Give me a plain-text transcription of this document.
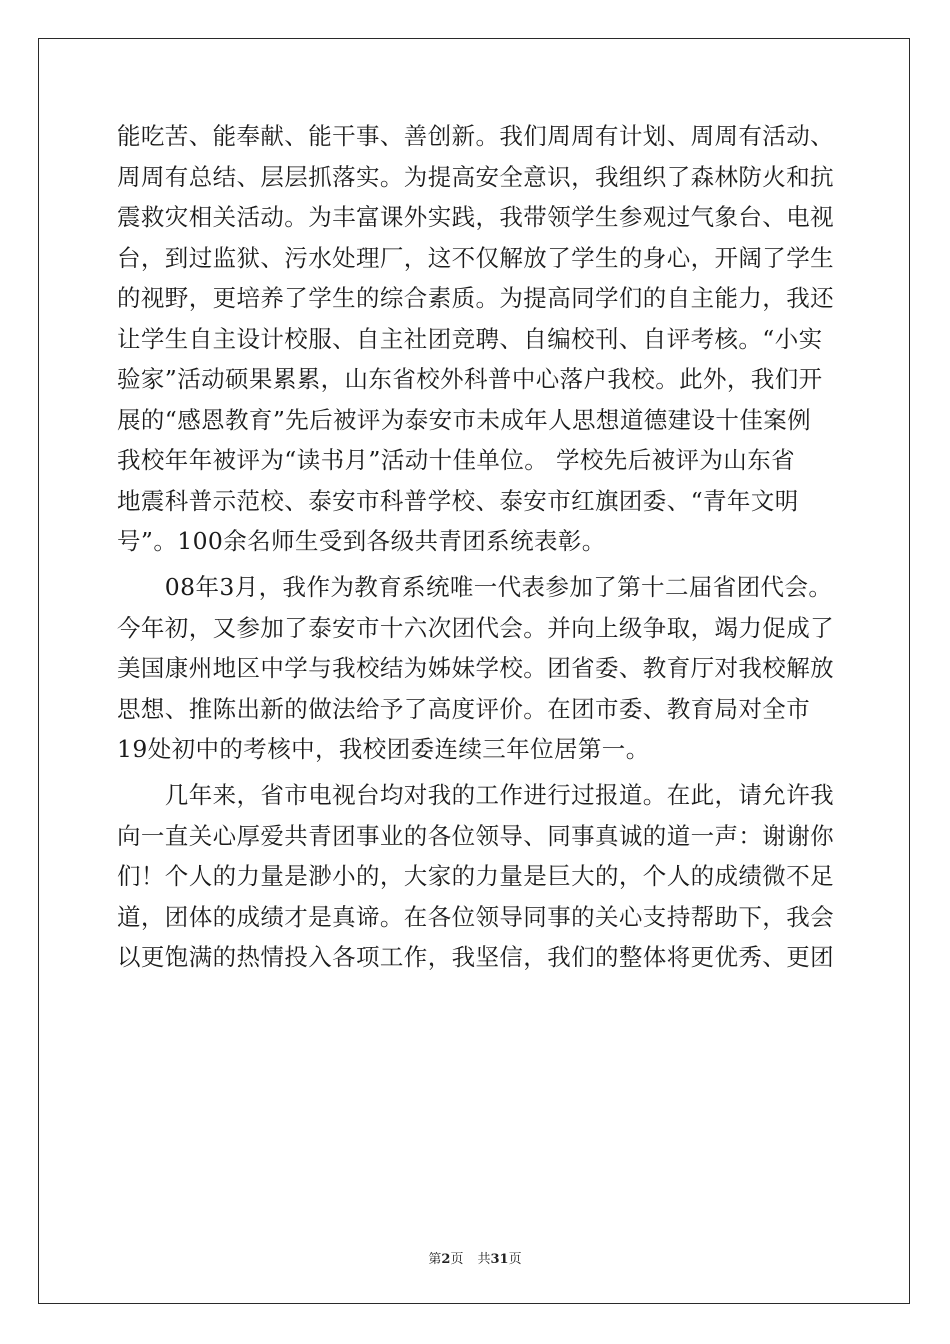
能吃苦、能奉献、能干事、善创新。我们周周有计划、周周有活动、
周周有总结、层层抓落实。为提高安全意识，我组织了森林防火和抗
震救灾相关活动。为丰富课外实践，我带领学生参观过气象台、电视
台，到过监狱、污水处理厂，这不仅解放了学生的身心，开阔了学生
的视野，更培养了学生的综合素质。为提高同学们的自主能力，我还
让学生自主设计校服、自主社团竞聘、自编校刊、自评考核。“小实
验家”活动硕果累累，山东省校外科普中心落户我校。此外，我们开
展的“感恩教育”先后被评为泰安市未成年人思想道德建设十佳案例
我校年年被评为“读书月”活动十佳单位。 学校先后被评为山东省
地震科普示范校、泰安市科普学校、泰安市红旗团委、“青年文明
号”。100余名师生受到各级共青团系统表彰。
　　08年3月，我作为教育系统唯一代表参加了第十二届省团代会。
今年初，又参加了泰安市十六次团代会。并向上级争取，竭力促成了
美国康州地区中学与我校结为姊妹学校。团省委、教育厅对我校解放
思想、推陈出新的做法给予了高度评价。在团市委、教育局对全市
19处初中的考核中，我校团委连续三年位居第一。
　　几年来，省市电视台均对我的工作进行过报道。在此，请允许我
向一直关心厚爱共青团事业的各位领导、同事真诚的道一声：谢谢你
们！个人的力量是渺小的，大家的力量是巨大的，个人的成绩微不足
道，团体的成绩才是真谛。在各位领导同事的关心支持帮助下，我会
以更饱满的热情投入各项工作，我坚信，我们的整体将更优秀、更团
第2页 共31页
